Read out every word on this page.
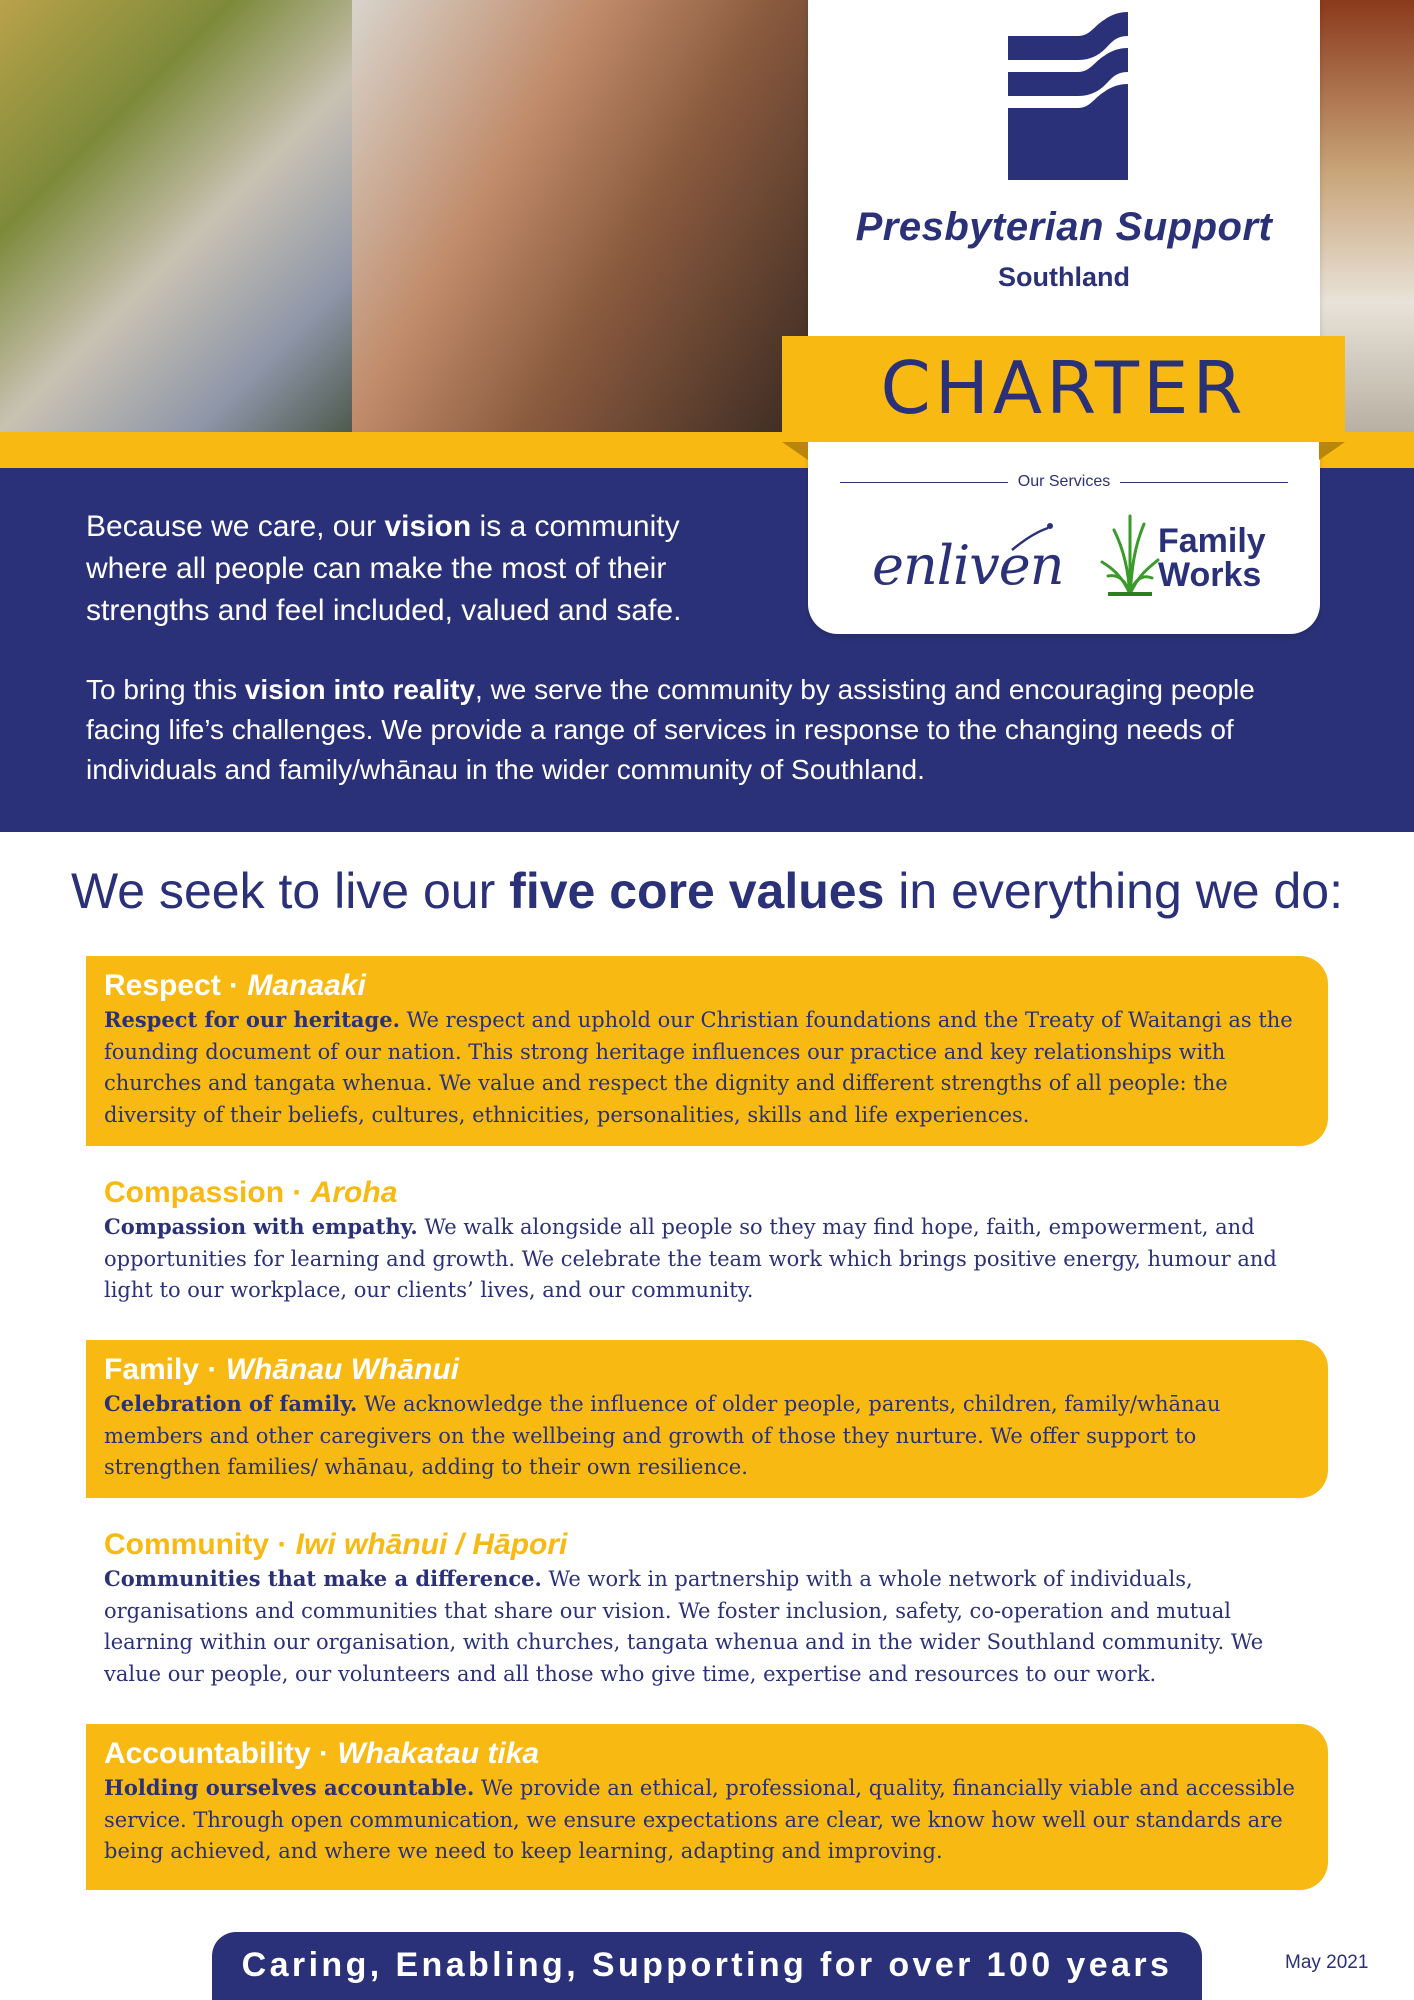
Presbyterian Support
Southland
Our Services
CHARTER
enliven	Family
Works
Because we care, our vision is a community where all people can make the most of their strengths and feel included, valued and safe.
To bring this vision into reality, we serve the community by assisting and encouraging people facing life’s challenges. We provide a range of services in response to the changing needs of individuals and family/whānau in the wider community of Southland.
We seek to live our five core values in everything we do:
Respect · Manaaki
Respect for our heritage. We respect and uphold our Christian foundations and the Treaty of Waitangi as the founding document of our nation. This strong heritage influences our practice and key relationships with churches and tangata whenua. We value and respect the dignity and different strengths of all people: the diversity of their beliefs, cultures, ethnicities, personalities, skills and life experiences.
Compassion · Aroha
Compassion with empathy. We walk alongside all people so they may find hope, faith, empowerment, and opportunities for learning and growth. We celebrate the team work which brings positive energy, humour and light to our workplace, our clients’ lives, and our community.
Family · Whānau Whānui
Celebration of family. We acknowledge the influence of older people, parents, children, family/whānau members and other caregivers on the wellbeing and growth of those they nurture. We offer support to strengthen families/ whānau, adding to their own resilience.
Community · Iwi whānui / Hāpori
Communities that make a difference. We work in partnership with a whole network of individuals, organisations and communities that share our vision. We foster inclusion, safety, co-operation and mutual learning within our organisation, with churches, tangata whenua and in the wider Southland community. We value our people, our volunteers and all those who give time, expertise and resources to our work.
Accountability · Whakatau tika
Holding ourselves accountable. We provide an ethical, professional, quality, financially viable and accessible service. Through open communication, we ensure expectations are clear, we know how well our standards are being achieved, and where we need to keep learning, adapting and improving.
Caring, Enabling, Supporting for over 100 years	May 2021
